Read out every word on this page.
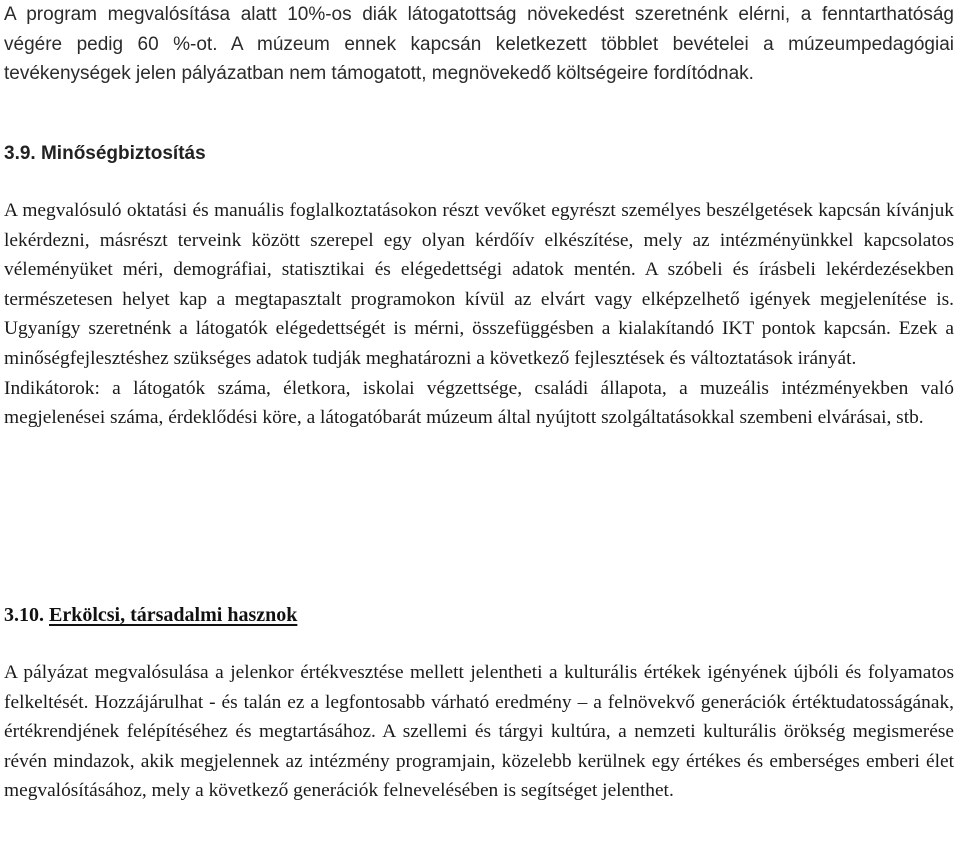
A program megvalósítása alatt 10%-os diák látogatottság növekedést szeretnénk elérni, a fenntarthatóság végére pedig 60 %-ot. A múzeum ennek kapcsán keletkezett többlet bevételei a múzeumpedagógiai tevékenységek jelen pályázatban nem támogatott, megnövekedő költségeire fordítódnak.

3.9. Minőségbiztosítás

A megvalósuló oktatási és manuális foglalkoztatásokon részt vevőket egyrészt személyes beszélgetések kapcsán kívánjuk lekérdezni, másrészt terveink között szerepel egy olyan kérdőív elkészítése, mely az intézményünkkel kapcsolatos véleményüket méri, demográfiai, statisztikai és elégedettségi adatok mentén. A szóbeli és írásbeli lekérdezésekben természetesen helyet kap a megtapasztalt programokon kívül az elvárt vagy elképzelhető igények megjelenítése is. Ugyanígy szeretnénk a látogatók elégedettségét is mérni, összefüggésben a kialakítandó IKT pontok kapcsán. Ezek a minőségfejlesztéshez szükséges adatok tudják meghatározni a következő fejlesztések és változtatások irányát.

Indikátorok: a látogatók száma, életkora, iskolai végzettsége, családi állapota, a muzeális intézményekben való megjelenései száma, érdeklődési köre, a látogatóbarát múzeum által nyújtott szolgáltatásokkal szembeni elvárásai, stb.

3.10. Erkölcsi, társadalmi hasznok

A pályázat megvalósulása a jelenkor értékvesztése mellett jelentheti a kulturális értékek igényének újbóli és folyamatos felkeltését. Hozzájárulhat - és talán ez a legfontosabb várható eredmény – a felnövekvő generációk értéktudatosságának, értékrendjének felépítéséhez és megtartásához. A szellemi és tárgyi kultúra, a nemzeti kulturális örökség megismerése révén mindazok, akik megjelennek az intézmény programjain, közelebb kerülnek egy értékes és emberséges emberi élet megvalósításához, mely a következő generációk felnevelésében is segítséget jelenthet.
